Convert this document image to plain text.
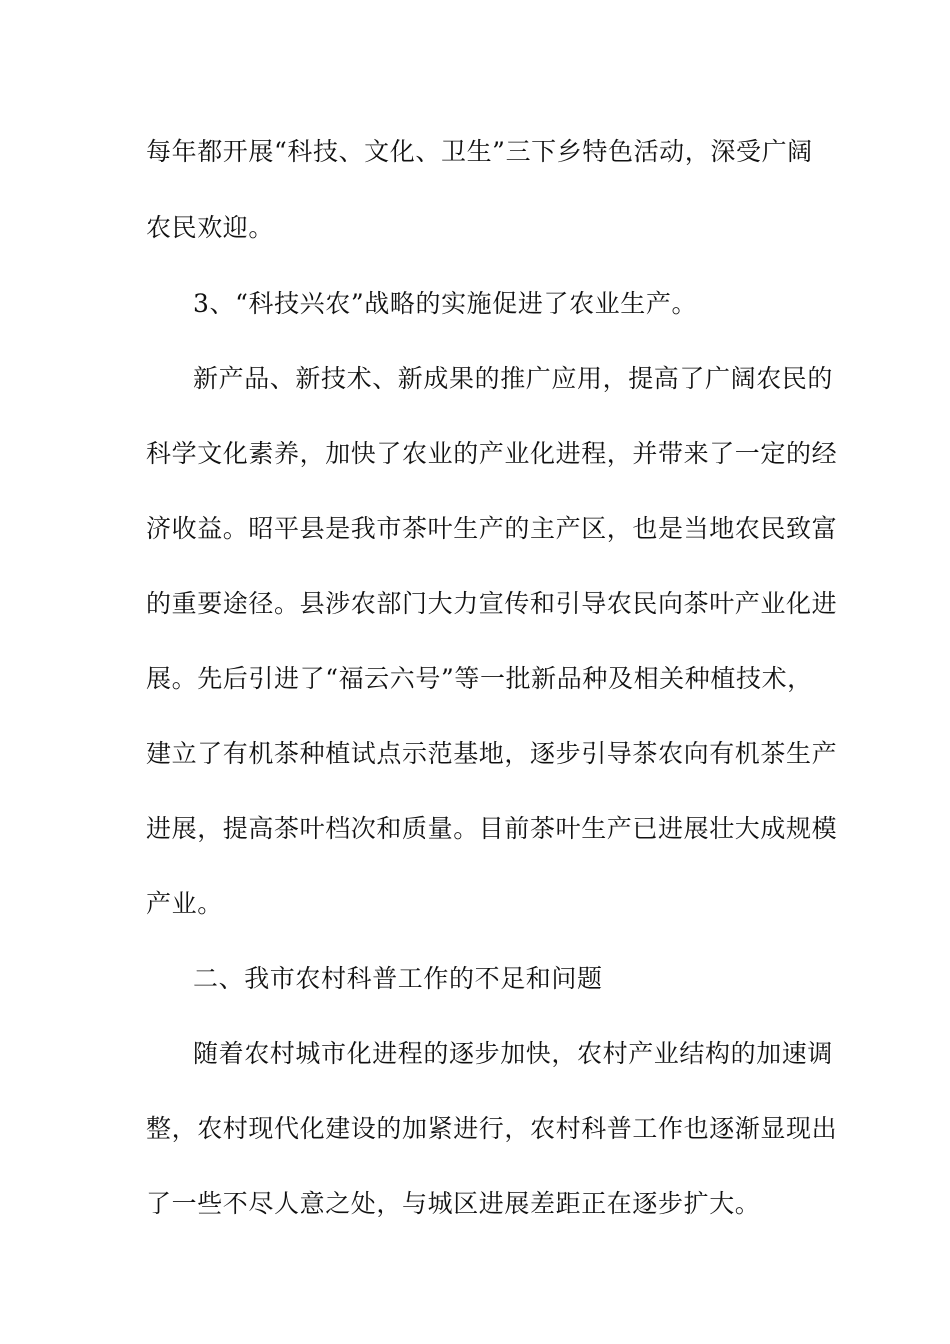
每年都开展“科技、文化、卫生”三下乡特色活动，深受广阔
农民欢迎。
3、“科技兴农”战略的实施促进了农业生产。
新产品、新技术、新成果的推广应用，提高了广阔农民的
科学文化素养，加快了农业的产业化进程，并带来了一定的经
济收益。昭平县是我市茶叶生产的主产区，也是当地农民致富
的重要途径。县涉农部门大力宣传和引导农民向茶叶产业化进
展。先后引进了“福云六号”等一批新品种及相关种植技术，
建立了有机茶种植试点示范基地，逐步引导茶农向有机茶生产
进展，提高茶叶档次和质量。目前茶叶生产已进展壮大成规模
产业。
二、我市农村科普工作的不足和问题
随着农村城市化进程的逐步加快，农村产业结构的加速调
整，农村现代化建设的加紧进行，农村科普工作也逐渐显现出
了一些不尽人意之处，与城区进展差距正在逐步扩大。
